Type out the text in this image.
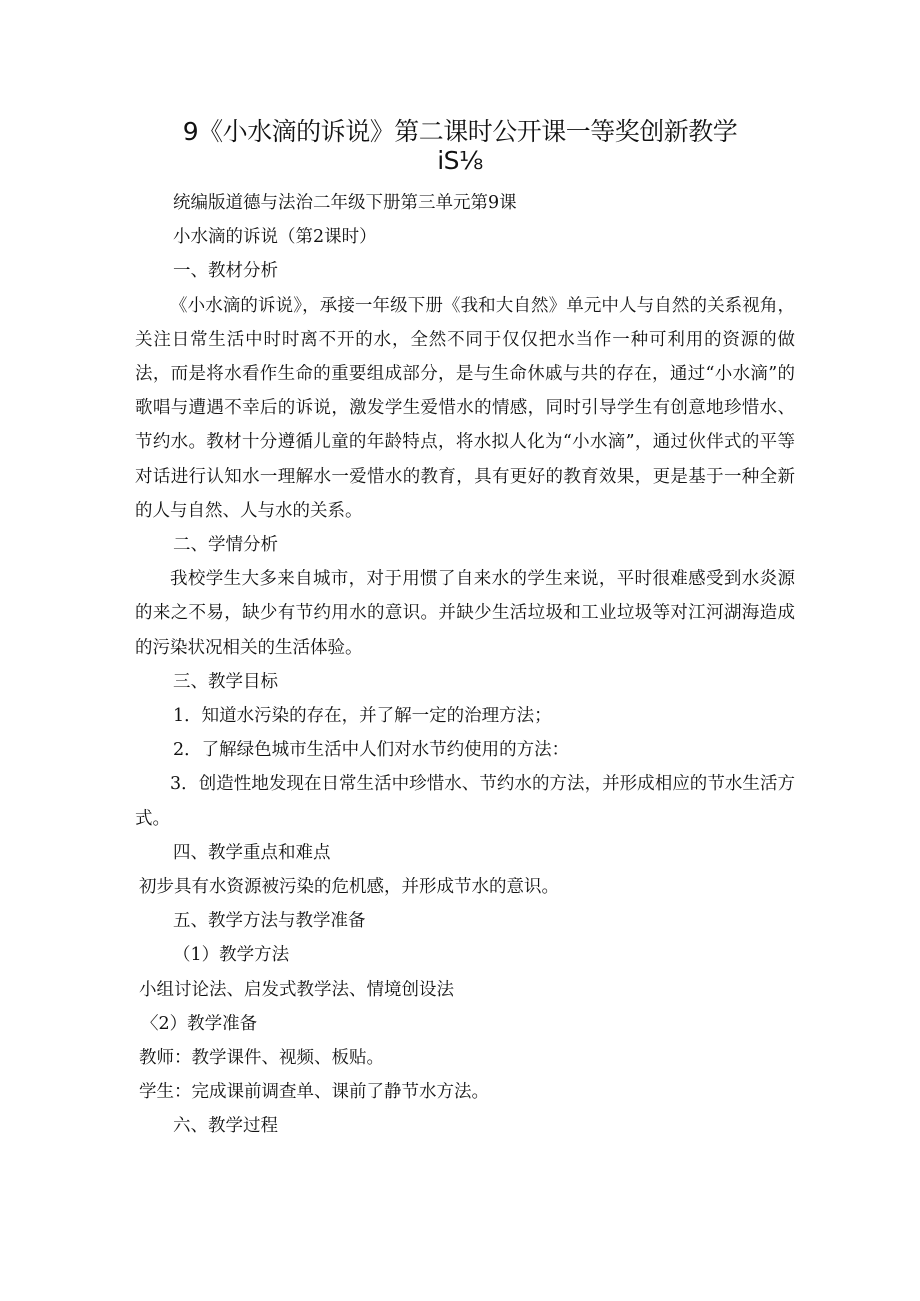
9《小水滴的诉说》第二课时公开课一等奖创新教学
iS⅛

统编版道德与法治二年级下册第三单元第9课

小水滴的诉说（第2课时）

一、教材分析

《小水滴的诉说》，承接一年级下册《我和大自然》单元中人与自然的关系视角，关注日常生活中时时离不开的水，全然不同于仅仅把水当作一种可利用的资源的做法，而是将水看作生命的重要组成部分，是与生命休戚与共的存在，通过“小水滴”的歌唱与遭遇不幸后的诉说，激发学生爱惜水的情感，同时引导学生有创意地珍惜水、节约水。教材十分遵循儿童的年龄特点，将水拟人化为“小水滴”，通过伙伴式的平等对话进行认知水一理解水一爱惜水的教育，具有更好的教育效果，更是基于一种全新的人与自然、人与水的关系。

二、学情分析

我校学生大多来自城市，对于用惯了自来水的学生来说，平时很难感受到水炎源的来之不易，缺少有节约用水的意识。并缺少生活垃圾和工业垃圾等对江河湖海造成的污染状况相关的生活体验。

三、教学目标

1．知道水污染的存在，并了解一定的治理方法；

2．了解绿色城市生活中人们对水节约使用的方法：

3．创造性地发现在日常生活中珍惜水、节约水的方法，并形成相应的节水生活方式。

四、教学重点和难点

初步具有水资源被污染的危机感，并形成节水的意识。

五、教学方法与教学准备

（1）教学方法

小组讨论法、启发式教学法、情境创设法

〈2）教学准备

教师：教学课件、视频、板贴。

学生：完成课前调查单、课前了静节水方法。

六、教学过程
